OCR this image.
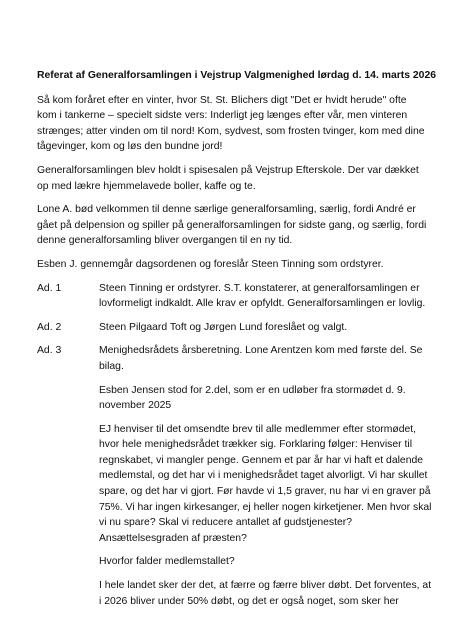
Referat af Generalforsamlingen i Vejstrup Valgmenighed lørdag d. 14. marts 2026
Så kom foråret efter en vinter, hvor St. St. Blichers digt "Det er hvidt herude" ofte
kom i tankerne – specielt sidste vers: Inderligt jeg længes efter vår, men vinteren
strænges; atter vinden om til nord! Kom, sydvest, som frosten tvinger, kom med dine
tågevinger, kom og løs den bundne jord!
Generalforsamlingen blev holdt i spisesalen på Vejstrup Efterskole. Der var dækket
op med lækre hjemmelavede boller, kaffe og te.
Lone A. bød velkommen til denne særlige generalforsamling, særlig, fordi André er
gået på delpension og spiller på generalforsamlingen for sidste gang, og særlig, fordi
denne generalforsamling bliver overgangen til en ny tid.
Esben J. gennemgår dagsordenen og foreslår Steen Tinning som ordstyrer.
Ad. 1	Steen Tinning er ordstyrer. S.T. konstaterer, at generalforsamlingen er
lovformeligt indkaldt. Alle krav er opfyldt. Generalforsamlingen er lovlig.
Ad. 2	Steen Pilgaard Toft og Jørgen Lund foreslået og valgt.
Ad. 3	Menighedsrådets årsberetning. Lone Arentzen kom med første del. Se
bilag.
Esben Jensen stod for 2.del, som er en udløber fra stormødet d. 9.
november 2025
EJ henviser til det omsendte brev til alle medlemmer efter stormødet,
hvor hele menighedsrådet trækker sig. Forklaring følger: Henviser til
regnskabet, vi mangler penge. Gennem et par år har vi haft et dalende
medlemstal, og det har vi i menighedsrådet taget alvorligt. Vi har skullet
spare, og det har vi gjort. Før havde vi 1,5 graver, nu har vi en graver på
75%. Vi har ingen kirkesanger, ej heller nogen kirketjener. Men hvor skal
vi nu spare? Skal vi reducere antallet af gudstjenester?
Ansættelsesgraden af præsten?
Hvorfor falder medlemstallet?
I hele landet sker der det, at færre og færre bliver døbt. Det forventes, at
i 2026 bliver under 50% døbt, og det er også noget, som sker her
